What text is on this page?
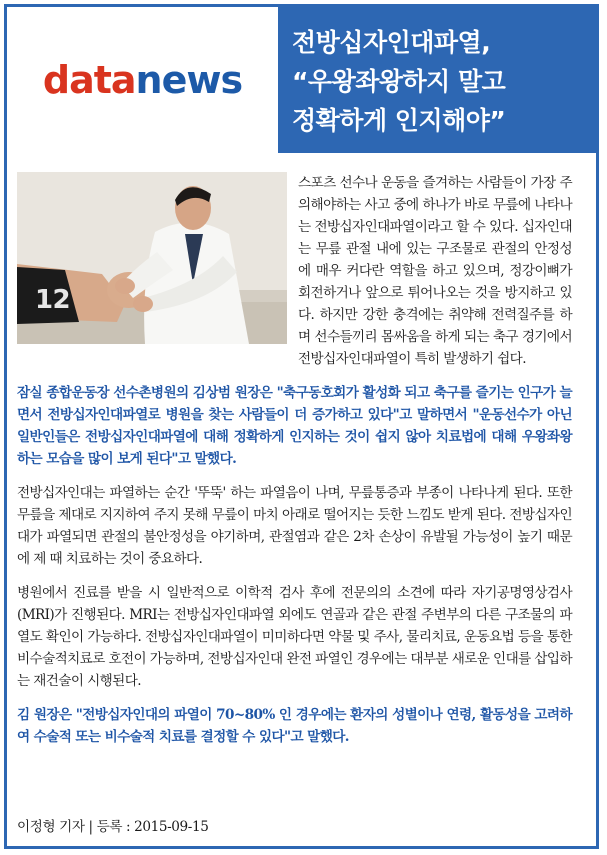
data news
전방십자인대파열,
“우왕좌왕하지 말고
정확하게 인지해야”
12

스포츠 선수나 운동을 즐겨하는 사람들이 가장 주의해야하는 사고 중에 하나가 바로 무릎에 나타나는 전방십자인대파열이라고 할 수 있다. 십자인대는 무릎 관절 내에 있는 구조물로 관절의 안정성에 매우 커다란 역할을 하고 있으며, 정강이뼈가 회전하거나 앞으로 튀어나오는 것을 방지하고 있다. 하지만 강한 충격에는 취약해 전력질주를 하며 선수들끼리 몸싸움을 하게 되는 축구 경기에서 전방십자인대파열이 특히 발생하기 쉽다.

잠실 종합운동장 선수촌병원의 김상범 원장은 "축구동호회가 활성화 되고 축구를 즐기는 인구가 늘면서 전방십자인대파열로 병원을 찾는 사람들이 더 증가하고 있다"고 말하면서 "운동선수가 아닌 일반인들은 전방십자인대파열에 대해 정확하게 인지하는 것이 쉽지 않아 치료법에 대해 우왕좌왕하는 모습을 많이 보게 된다"고 말했다.

전방십자인대는 파열하는 순간 '뚜뚝' 하는 파열음이 나며, 무릎통증과 부종이 나타나게 된다. 또한 무릎을 제대로 지지하여 주지 못해 무릎이 마치 아래로 떨어지는 듯한 느낌도 받게 된다. 전방십자인대가 파열되면 관절의 불안정성을 야기하며, 관절염과 같은 2차 손상이 유발될 가능성이 높기 때문에 제 때 치료하는 것이 중요하다.

병원에서 진료를 받을 시 일반적으로 이학적 검사 후에 전문의의 소견에 따라 자기공명영상검사(MRI)가 진행된다. MRI는 전방십자인대파열 외에도 연골과 같은 관절 주변부의 다른 구조물의 파열도 확인이 가능하다. 전방십자인대파열이 미미하다면 약물 및 주사, 물리치료, 운동요법 등을 통한 비수술적치료로 호전이 가능하며, 전방십자인대 완전 파열인 경우에는 대부분 새로운 인대를 삽입하는 재건술이 시행된다.

김 원장은 "전방십자인대의 파열이 70~80% 인 경우에는 환자의 성별이나 연령, 활동성을 고려하여 수술적 또는 비수술적 치료를 결정할 수 있다"고 말했다.

이정형 기자 | 등록 : 2015-09-15
